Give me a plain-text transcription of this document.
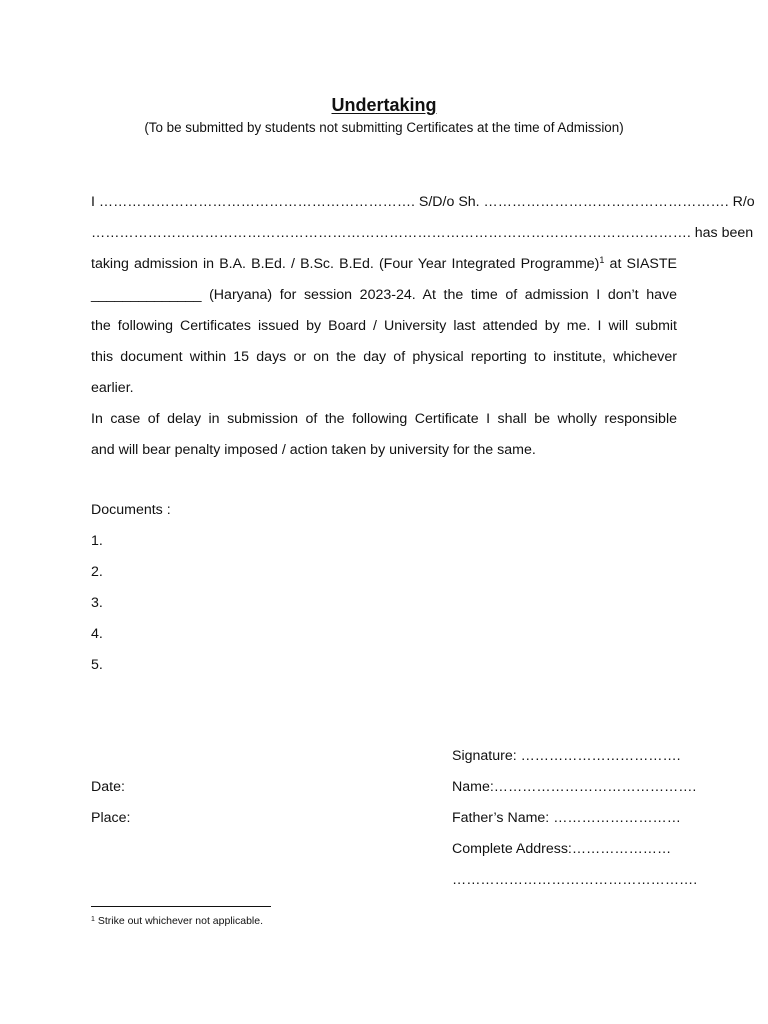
Undertaking
(To be submitted by students not submitting Certificates at the time of Admission)
I …………………………………………………………. S/D/o Sh. ……………………………………………. R/o
………………………………………………………………………………………………………………. has been
taking admission in B.A. B.Ed. / B.Sc. B.Ed. (Four Year Integrated Programme)$^1$ at SIASTE
______________ (Haryana) for session 2023-24. At the time of admission I don’t have
the following Certificates issued by Board / University last attended by me. I will submit
this document within 15 days or on the day of physical reporting to institute, whichever
earlier.
In case of delay in submission of the following Certificate I shall be wholly responsible
and will bear penalty imposed / action taken by university for the same.
Documents :
1.
2.
3.
4.
5.
Signature: …………………………….
Name:…………………………………….
Father’s Name: ………………………
Complete Address:…………………
…………………………………………….
Date:
Place:
$^1$ Strike out whichever not applicable.
